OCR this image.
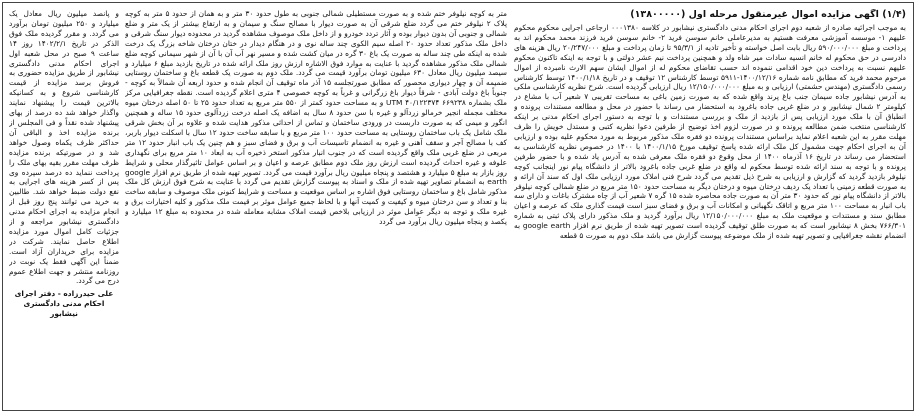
(۱/۴) آگهی مزایده اموال غیرمنقول مرحله اول (۱۳۸۰۰۰۰۰)
به موجب اجرائیه صادره از شعبه دوم اجرای احکام مدنی دادگستری نیشابور در کلاسه ۰۰۰۱۳۸۰ ارجاعی اجرایی محکوم محکوم علیهم ۱- موسسه آموزشی معرفت هستیم به مدیرعاملی خانم سوسن فرید ۲- خانم سوسن فرید فرزند محمد محکوم اند به پرداخت و مبلغ ۵۹۰/۰۰۰/۰۰۰ ریال بابت اصل خواسته و تأخیر تادیه از ۹۵/۳/۱ تا زمان پرداخت و مبلغ ۲۰/۲۴۷/۰۰۰ ریال هزینه های دادرسی در حق محکوم له خانم انسیه سادات میر شاه ولد و همچنین پرداخت نیم عشر دولتی و با توجه به اینکه تاکنون محکوم علیهم نسبت به پرداخت دین خود اقدامی ننموده اند حسب تقاضای محکوم له از اموال ایشان سهم الارث نامبرده از اموال مرحوم محمد فرید که مطابق نامه شماره ۱۴۰۰/۱۲/۱۶-۵۹۱۱ توسط کارشناس ۱۲ توقیف و در تاریخ ۱۴۰۰/۱/۱۸ توسط کارشناس رسمی دادگستری (مهندس حشمتی) ارزیابی و به مبلغ ۱۲/۱۵۰/۰۰۰/۰۰۰ ریال ارزیابی گردیده است. شرح نظریه کارشناسی ملکی به آدرس نیشابور جاده سیمان جنب باغ پرند واقع شده که به صورت زمین باغی به مساحت تقریبی ۷ شعیر آب با مشاع در کیلومتر ۲ شمال نیشابور و در ضلع غربی جاده باغرود به استحضار می رساند با حضور در محل و مطالعه مستندات پرونده و انطباق آن با ملک مورد ارزیابی پس از بازدید از ملک و بررسی مستندات و با توجه به دستور اجرای احکام مدنی بر اینکه کارشناسی منتخب ضمن مطالعه پرونده و در صورت لزوم اخذ توضیح از طرفین دعوا نظریه کتبی و مستدل خویش را ظرف مهلت مقرر به این شعبه اعلام نماید براساس مستندات پرونده دو فقره ملک مذکور مربوط به مورد محکوم علیه بوده و ارزیابی آن به اجرای احکام جهت مشمول کل ملک ارائه شده پاسخ توقیف مورخ ۱۴۰۰/۱/۱۵ با ۱۴۰۰ در خصوص نظریه کارشناسی به استحضار می رساند در تاریخ ۱۶ آذرماه ۱۴۰۰ از محل وقوع دو فقره ملک معرفی شده به آدرس یاد شده و با حضور طرفین پرونده و با توجه به سند ارائه شده توسط محکوم له واقع در ضلع غربی جاده باغرود بالاتر از دانشگاه پیام نور اینجانب کوچه نیلوفر بازدید گردید که گزارش و ارزیابی به شرح ذیل تقدیم می گردد شرح فنی املاک مورد ارزیابی ملک اول که سند آن ارائه و به صورت قطعه زمینی با تعداد یک ردیف درختان میوه و درختان دیگر به مساحت حدود ۱۵۰ متر مربع در ضلع شمالی کوچه نیلوفر بالاتر از دانشگاه پیام نور که حدود ۳۰ متر آن به صورت جاده محاصره شده ۱۵ گره ۷ شعیر آب از چاه مشترک باغات و دارای سه باب انبار به مساحت ۱۰۰ متر مربع و اتاقک نگهبانی و امکانات آب و برق و فضای سبز است قیمت گذاری ملک که عرصه و اعیان مطابق سند و مستندات و موقعیت ملک به مبلغ ۱۲/۱۵۰/۰۰۰/۰۰۰ ریال برآورد گردید و ملک مذکور دارای پلاک ثبتی به شماره ۷۶۶/۳۰۱ بخش ۸ نیشابور است که به صورت طلق توقیف گردیده است تصویر تهیه شده از طریق نرم افزار google earth به انضمام نقشه جغرافیایی و تصویر تهیه شده از ملک موضوعه پیوست گزارش می باشد ملک دوم به صورت ۵ قطعه
متر به کوچه نیلوفر ختم شده و به صورت مستطیلی شمالی جنوبی به طول حدود ۳۰ متر و به همان از حدود ۵ متر به کوچه پلاک ۲ نیلوفر ختم می گردد ضلع شرقی آن به صورت دیوار با مصالح سنگ و سیمان و به ارتفاع بیشتر از یک متر و ضلع شمالی و جنوبی آن بدون دیوار بوده و آثار تردد خودرو و از داخل ملک موصوف مشاهده گردید در محدوده دیوار سنگ شرقی و داخل ملک مذکور تعداد حدود ۲۰ اصله سیم الکوی چند ساله نوی و در هنگام دیدار در ختان درختان شاخه بزرگ یک درخت شده به اینکه طی چند ساله به صورت یک باغ ۳۰ گره در میان کشت شده و مسیر نهر آب آن با آن از شهر سیمانی کوچه ضلع شمالی ملک مذکور مشاهده گردید با عنایت به موارد فوق الاشاره ارزش روز ملک اراثه شده در تاریخ بازدید مبلغ ۶ میلیارد و سیصد میلیون ریال معادل ۶۳۰ میلیون تومان برآورد قیمت می گردد. ملک دوم به صورت یک قطعه باغ و ساختمان روستایی ضمیمه آن و چهار دیواری محصور که مطابق صورتجلسه ۱۵ آذر ماه توقیف آن انجام شده و حدود اربعه آن شمالاً به کوچه - جنوباً باغ دولت آبادی - شرقاً دیوار باغ زرگرانی و غرباً به کوچه خصوصی ۴ متری اعلام گردیده است. نقطه جغرافیایی مرکز ملک بشماره UTM ۴۰/۱۲۲۳۷۴ ۶۶۹۲۳۸ و به مساحت حدود کمتر از ۵۵۰ متر مربع به تعداد حدود ۲۵ تا ۵۰ اصله درختان میوه مختلف مجمله انجیر خرمالو زردآلو و غیره با سن حدود ۸ سال به اضافه یک اصله درخت زردآلوی حدود ۱۵ ساله و همچنین انگور و میمی که به صورت داربست در ورودی ساختمان و تماس از احداثی مذکور هدایت شده و علاوه بر آن بخش شرقی ملک شامل یک باب ساختمان روستایی به مساحت حدود ۱۰۰ متر مربع و با سابقه ساخت حدود ۱۲ سال با اسکلت دیوار باربر، کف با مصالح آجر و سقف آهنی و غیره به انضمام تاسیسات آب و برق و فضای سبز و هم چنین یک باب انبار حدود ۱۲ متر مربعی در ضلع غربی ملک واقع گردیده است که در جنوب انبار مذکور استخر ذخیره آب به ابعاد ۱۰ متر مربع برای نگهداری علوفه و غیره احداث گردیده است ارزش روز ملک دوم مطابق عرصه و اعیان و بر اساس عوامل تاثیرگذار محلی و شرایط روز بازار به مبلغ ۵ میلیارد و هشتصد و پنجاه میلیون ریال برآورد قیمت می گردد. تصویر تهیه شده از طریق نرم افزار google earth به انضمام تصاویر تهیه شده از ملک و اسناد به پیوست گزارش تقدیم می گردد با عنایت به شرح فوق ارزش کل ملک مذکور شامل باغ و ساختمان روستایی فوق اشاره بر اساس موقعیت و مساحت و شرایط کنونی ملک موصوف و سابقه ساخت بنا و تعداد و سن درختان میوه و کیفیت و کمیت آنها و با لحاظ جمیع عوامل موثر بر قیمت ملک مذکور و کلیه اختیارات برق و غیره ملک و توجه به دیگر عوامل موثر در ارزیابی بلاخص قیمت املاک مشابه معامله شده در محدوده به مبلغ ۱۲ میلیارد و یکصد و پنجاه میلیون ریال برآورد می گردد
و پانصد میلیون ریال معادل یک میلیارد و ۲۵۰ میلیون تومان برآورد می گردد. و مقرر گردیده ملک فوق الذکر در تاریخ ۱۴۰۲/۲/۱ روز ۱۴ ساعت ۹ صبح در محل شعبه اول اجرای احکام مدنی دادگستری نیشابور از طریق مزایده حضوری به فروش برسد مزایده از قیمت کارشناسی شروع و به کسانیکه بالاترین قیمت را پیشنهاد نمایند واگذار خواهد شد ده درصد از بهای پیشنهاد شده نقداً و فی المجلس از برنده مزایده اخذ و الباقی آن حداکثر ظرف یکماه وصول خواهد شد و در صورتیکه برنده مزایده ظرف مهلت مقرر بقیه بهای ملک را پرداخت ننماید ده درصد سپرده وی پس از کسر هزینه های اجرایی به نفع دولت ضبط خواهد شد. طالبین به خرید می توانند پنج روز قبل از انجام مزایده به اجرای احکام مدنی دادگستری نیشابور مراجعه و از جزئیات کامل اموال مورد مزایده اطلاع حاصل نمایند. شرکت در مزایده برای خریداران آزاد است. ضمناً این آگهی فقط یک نوبت در روزنامه منتشر و جهت اطلاع عموم درج می گردد.
علی حیدرزاده - دفتر اجرای احکام مدنی دادگستری نیشابور
